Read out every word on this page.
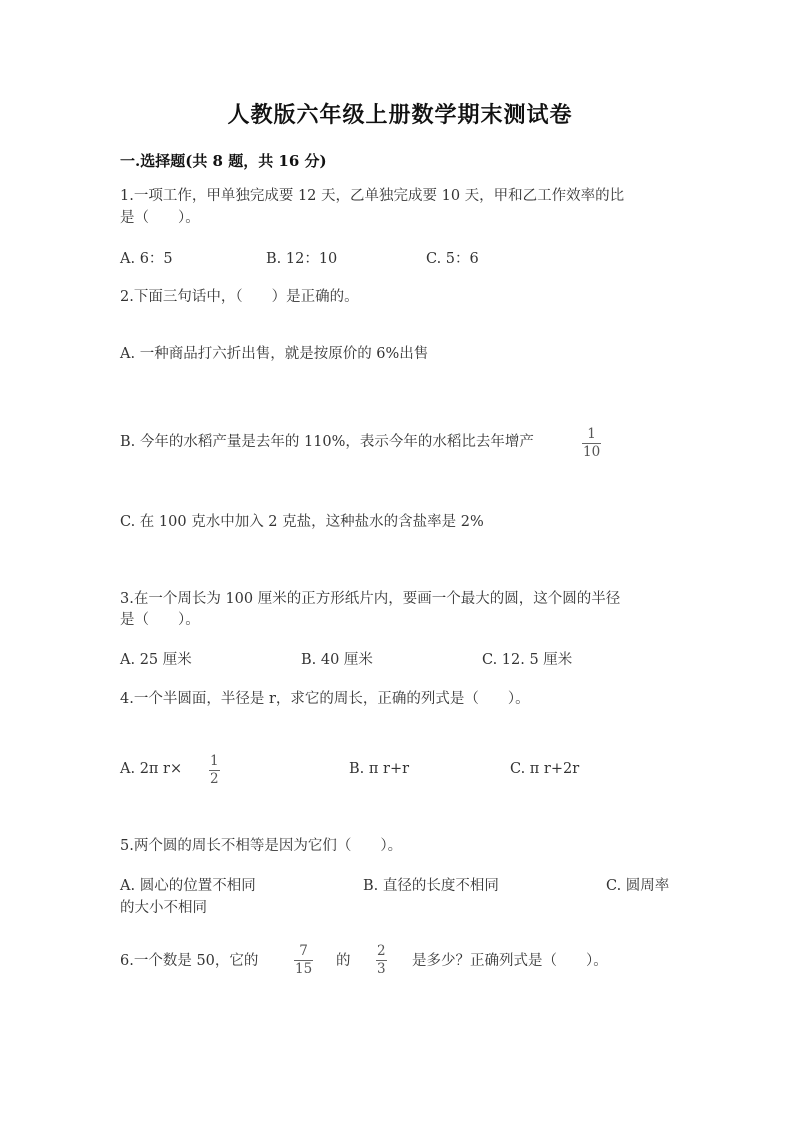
人教版六年级上册数学期末测试卷
一.选择题(共 8 题，共 16 分)
1.一项工作，甲单独完成要 12 天，乙单独完成要 10 天，甲和乙工作效率的比
是（　　）。
A. 6：5	B. 12：10	C. 5：6
2.下面三句话中，（　　）是正确的。
A. 一种商品打六折出售，就是按原价的 6%出售
B. 今年的水稻产量是去年的 110%，表示今年的水稻比去年增产	1
10
C. 在 100 克水中加入 2 克盐，这种盐水的含盐率是 2%
3.在一个周长为 100 厘米的正方形纸片内，要画一个最大的圆，这个圆的半径
是（　　）。
A. 25 厘米	B. 40 厘米	C. 12. 5 厘米
4.一个半圆面，半径是 r，求它的周长，正确的列式是（　　）。
A. 2π r× 1
2
B. π r+r	C. π r+2r
5.两个圆的周长不相等是因为它们（　　）。
A. 圆心的位置不相同	B. 直径的长度不相同	C. 圆周率
的大小不相同
6.一个数是 50，它的
7
15 的
2
3 是多少？正确列式是（　　）。
